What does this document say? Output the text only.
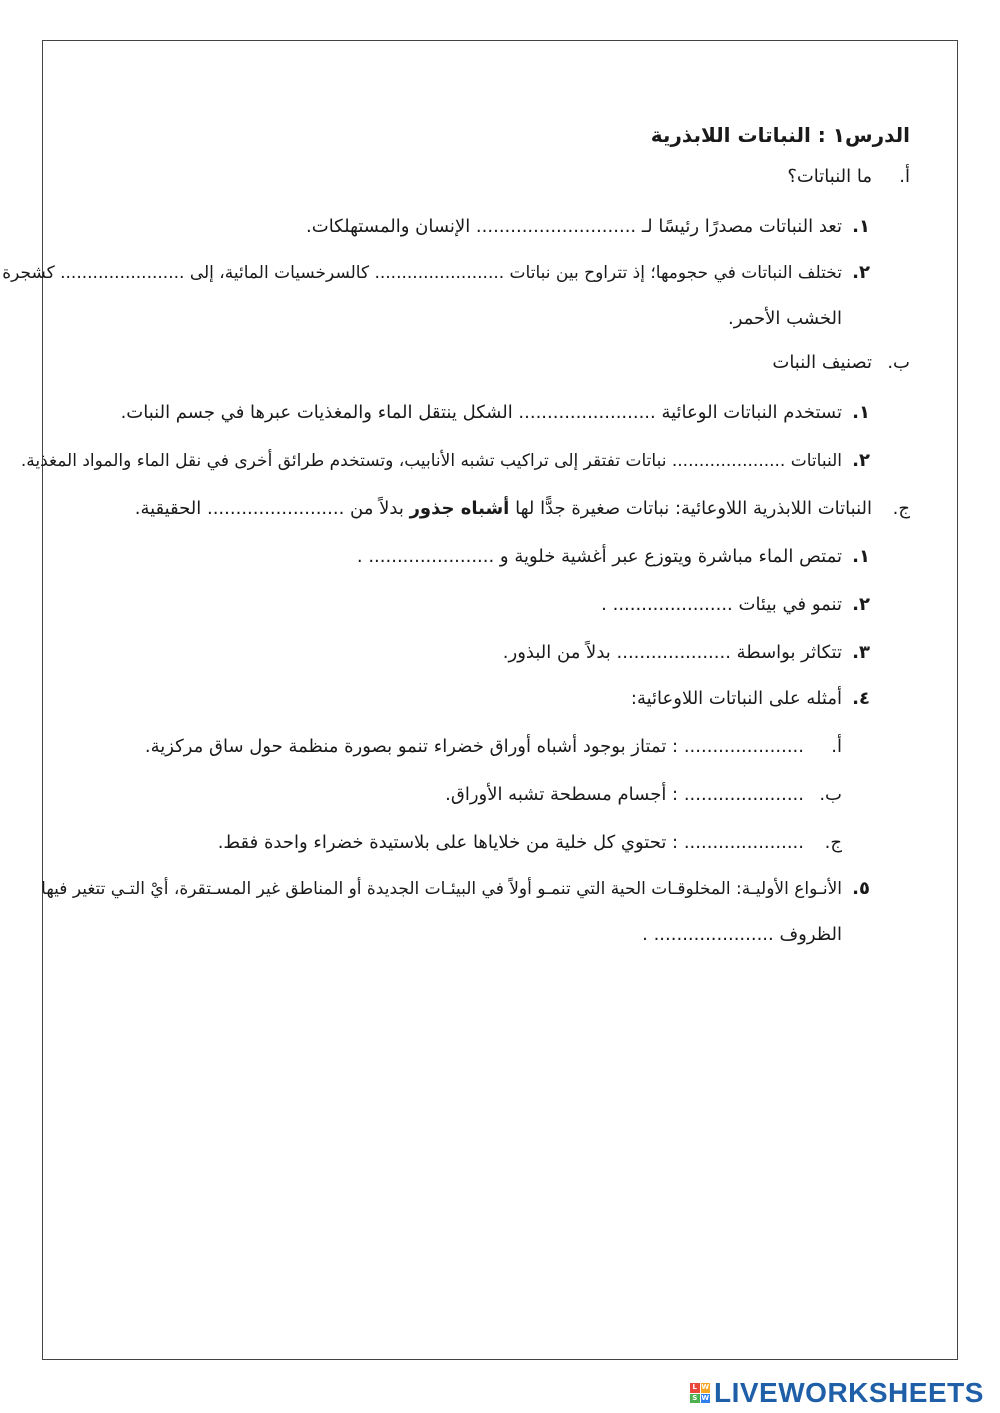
الدرس١ : النباتات اللابذرية
أ.
ما النباتات؟
١.
تعد النباتات مصدرًا رئيسًا لـ ............................ الإنسان والمستهلكات.
٢.
تختلف النباتات في حجومها؛ إذ تتراوح بين نباتات ........................ كالسرخسيات المائية، إلى ....................... كشجرة
الخشب الأحمر.
ب.
تصنيف النبات
١.
تستخدم النباتات الوعائية ........................ الشكل ينتقل الماء والمغذيات عبرها في جسم النبات.
٢.
النباتات ..................... نباتات تفتقر إلى تراكيب تشبه الأنابيب، وتستخدم طرائق أخرى في نقل الماء والمواد المغذية.
ج.
النباتات اللابذرية اللاوعائية: نباتات صغيرة جدًّا لها أشباه جذور بدلاً من ........................ الحقيقية.
١.
تمتص الماء مباشرة ويتوزع عبر أغشية خلوية و ...................... .
٢.
تنمو في بيئات ..................... .
٣.
تتكاثر بواسطة .................... بدلاً من البذور.
٤.
أمثله على النباتات اللاوعائية:
أ.
..................... : تمتاز بوجود أشباه أوراق خضراء تنمو بصورة منظمة حول ساق مركزية.
ب.
..................... : أجسام مسطحة تشبه الأوراق.
ج.
..................... : تحتوي كل خلية من خلاياها على بلاستيدة خضراء واحدة فقط.
٥.
الأنـواع الأوليـة: المخلوقـات الحية التي تنمـو أولاً في البيئـات الجديدة أو المناطق غير المسـتقرة، أيْ التـي تتغير فيها
الظروف ..................... .
L W
S W LIVEWORKSHEETS
